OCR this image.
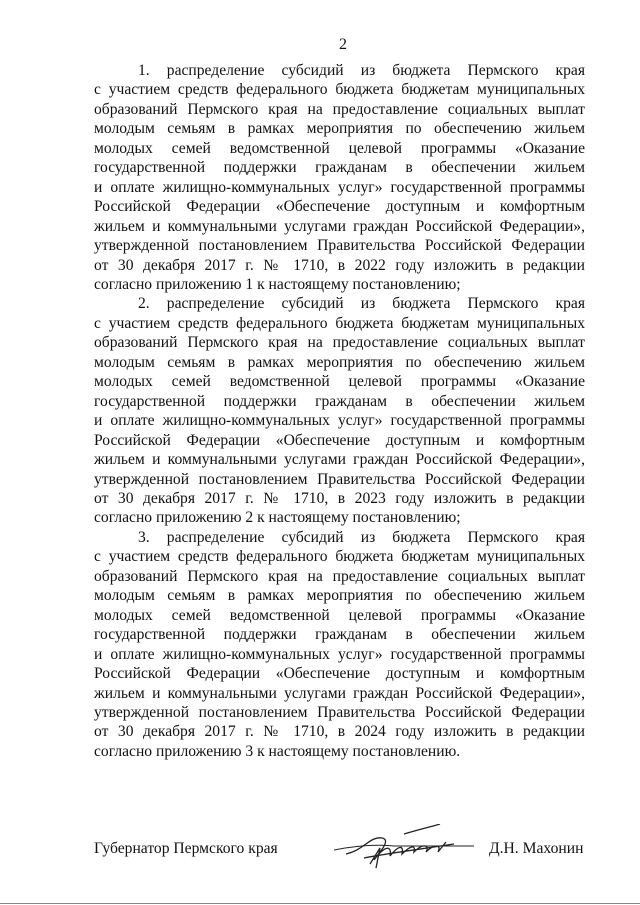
2
1. распределение субсидий из бюджета Пермского края
с участием средств федерального бюджета бюджетам муниципальных
образований Пермского края на предоставление социальных выплат
молодым семьям в рамках мероприятия по обеспечению жильем
молодых семей ведомственной целевой программы «Оказание
государственной поддержки гражданам в обеспечении жильем
и оплате жилищно-коммунальных услуг» государственной программы
Российской Федерации «Обеспечение доступным и комфортным
жильем и коммунальными услугами граждан Российской Федерации»,
утвержденной постановлением Правительства Российской Федерации
от 30 декабря 2017 г. № 1710, в 2022 году изложить в редакции
согласно приложению 1 к настоящему постановлению;
2. распределение субсидий из бюджета Пермского края
с участием средств федерального бюджета бюджетам муниципальных
образований Пермского края на предоставление социальных выплат
молодым семьям в рамках мероприятия по обеспечению жильем
молодых семей ведомственной целевой программы «Оказание
государственной поддержки гражданам в обеспечении жильем
и оплате жилищно-коммунальных услуг» государственной программы
Российской Федерации «Обеспечение доступным и комфортным
жильем и коммунальными услугами граждан Российской Федерации»,
утвержденной постановлением Правительства Российской Федерации
от 30 декабря 2017 г. № 1710, в 2023 году изложить в редакции
согласно приложению 2 к настоящему постановлению;
3. распределение субсидий из бюджета Пермского края
с участием средств федерального бюджета бюджетам муниципальных
образований Пермского края на предоставление социальных выплат
молодым семьям в рамках мероприятия по обеспечению жильем
молодых семей ведомственной целевой программы «Оказание
государственной поддержки гражданам в обеспечении жильем
и оплате жилищно-коммунальных услуг» государственной программы
Российской Федерации «Обеспечение доступным и комфортным
жильем и коммунальными услугами граждан Российской Федерации»,
утвержденной постановлением Правительства Российской Федерации
от 30 декабря 2017 г. № 1710, в 2024 году изложить в редакции
согласно приложению 3 к настоящему постановлению.
Губернатор Пермского края	Д.Н. Махонин
